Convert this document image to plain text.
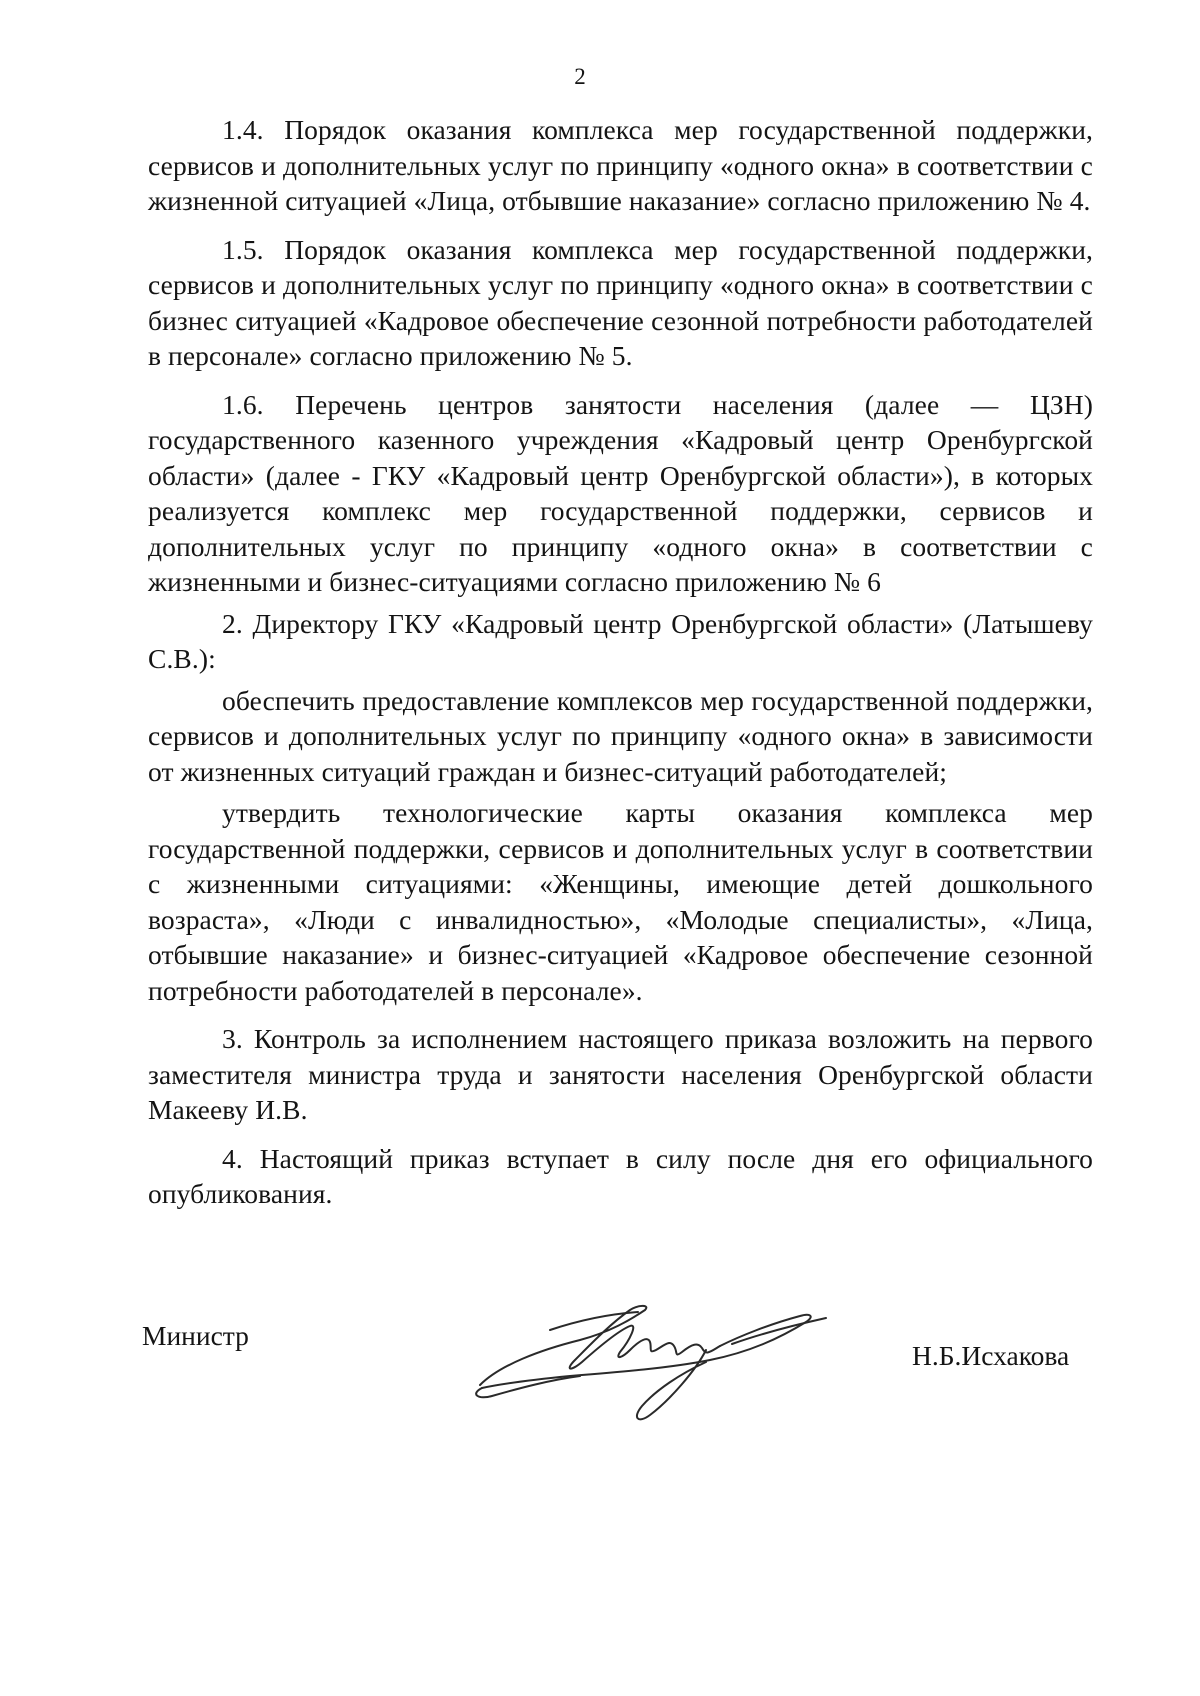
2

1.4. Порядок оказания комплекса мер государственной поддержки, сервисов и дополнительных услуг по принципу «одного окна» в соответствии с жизненной ситуацией «Лица, отбывшие наказание» согласно приложению № 4.

1.5. Порядок оказания комплекса мер государственной поддержки, сервисов и дополнительных услуг по принципу «одного окна» в соответствии с бизнес ситуацией «Кадровое обеспечение сезонной потребности работодателей в персонале» согласно приложению № 5.

1.6. Перечень центров занятости населения (далее — ЦЗН) государственного казенного учреждения «Кадровый центр Оренбургской области» (далее - ГКУ «Кадровый центр Оренбургской области»), в которых реализуется комплекс мер государственной поддержки, сервисов и дополнительных услуг по принципу «одного окна» в соответствии с жизненными и бизнес-ситуациями согласно приложению № 6

2. Директору ГКУ «Кадровый центр Оренбургской области» (Латышеву С.В.):

обеспечить предоставление комплексов мер государственной поддержки, сервисов и дополнительных услуг по принципу «одного окна» в зависимости от жизненных ситуаций граждан и бизнес-ситуаций работодателей;

утвердить технологические карты оказания комплекса мер государственной поддержки, сервисов и дополнительных услуг в соответствии с жизненными ситуациями: «Женщины, имеющие детей дошкольного возраста», «Люди с инвалидностью», «Молодые специалисты», «Лица, отбывшие наказание» и бизнес-ситуацией «Кадровое обеспечение сезонной потребности работодателей в персонале».

3. Контроль за исполнением настоящего приказа возложить на первого заместителя министра труда и занятости населения Оренбургской области Макееву И.В.

4. Настоящий приказ вступает в силу после дня его официального опубликования.

Министр
Н.Б.Исхакова
